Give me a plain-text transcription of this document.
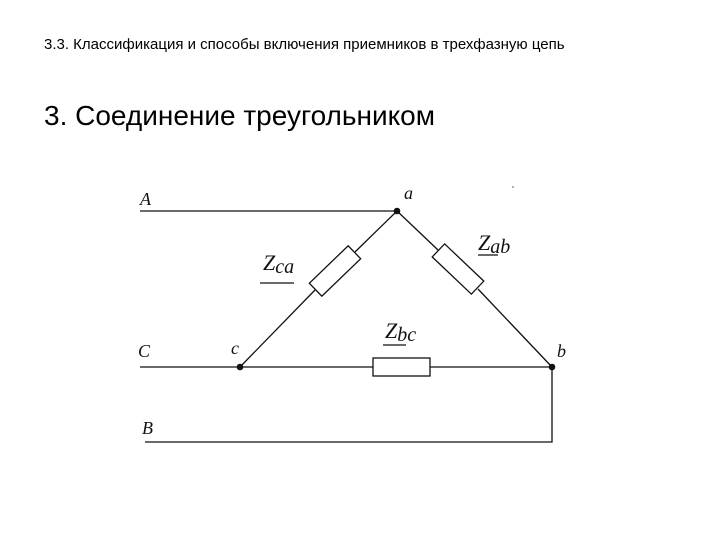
3.3. Классификация и способы включения приемников в трехфазную цепь
3. Соединение треугольником
A
C
B
a
b
c
Zab
Zca
Zbc
